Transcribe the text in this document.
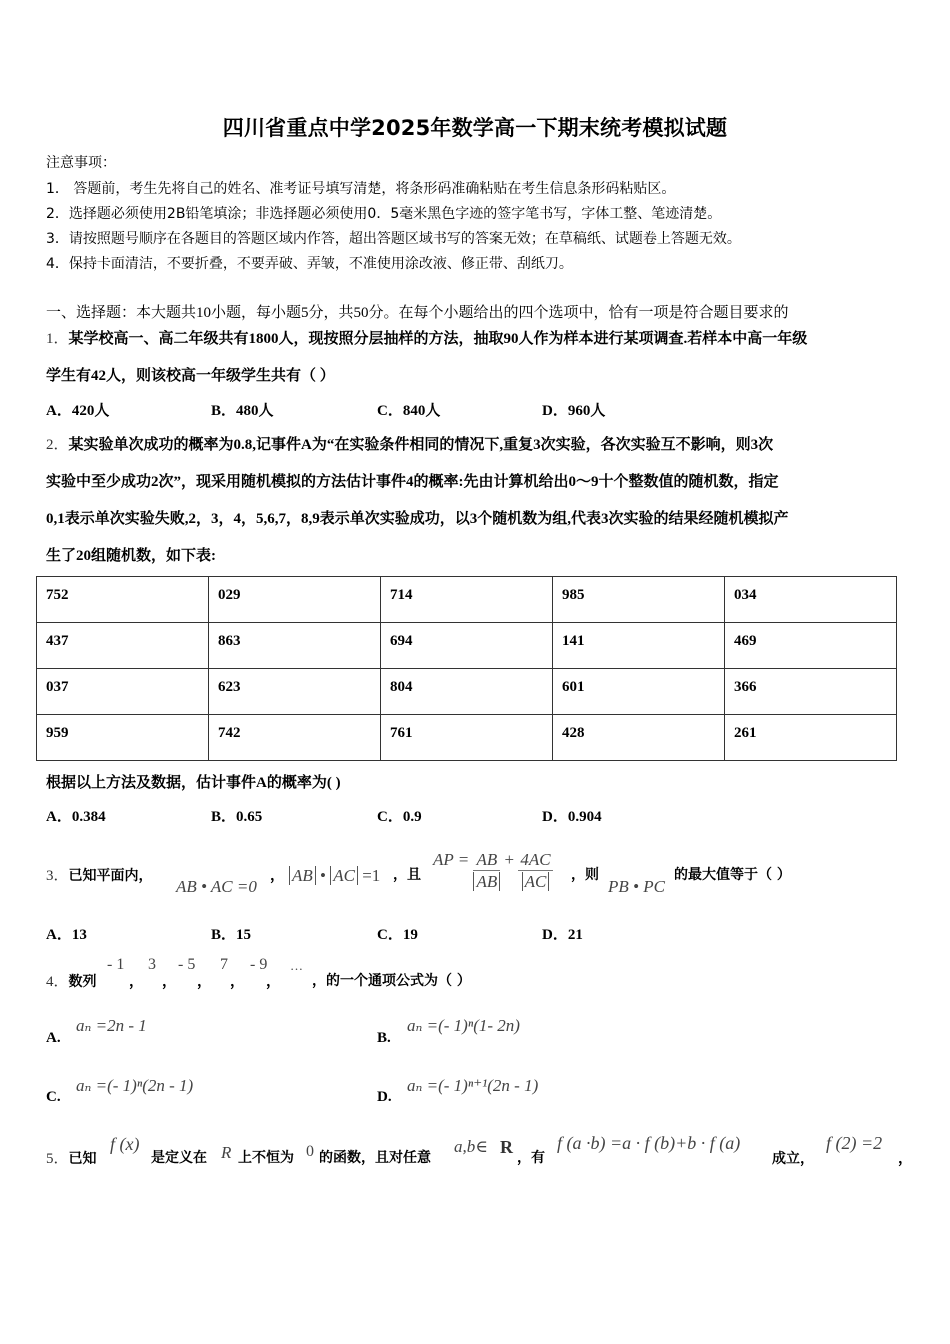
四川省重点中学2025年数学高一下期末统考模拟试题
注意事项：
1． 答题前，考生先将自己的姓名、准考证号填写清楚，将条形码准确粘贴在考生信息条形码粘贴区。
2．选择题必须使用2B铅笔填涂；非选择题必须使用0．5毫米黑色字迹的签字笔书写，字体工整、笔迹清楚。
3．请按照题号顺序在各题目的答题区域内作答，超出答题区域书写的答案无效；在草稿纸、试题卷上答题无效。
4．保持卡面清洁，不要折叠，不要弄破、弄皱，不准使用涂改液、修正带、刮纸刀。
一、选择题：本大题共10小题，每小题5分，共50分。在每个小题给出的四个选项中，恰有一项是符合题目要求的
1．某学校高一、高二年级共有1800人，现按照分层抽样的方法，抽取90人作为样本进行某项调查.若样本中高一年级
学生有42人，则该校高一年级学生共有（ ）
A．420人	B．480人	C．840人	D．960人
2．某实验单次成功的概率为0.8,记事件A为“在实验条件相同的情况下,重复3次实验，各次实验互不影响，则3次
实验中至少成功2次”，现采用随机模拟的方法估计事件4的概率:先由计算机给出0～9十个整数值的随机数，指定
0,1表示单次实验失败,2，3，4，5,6,7，8,9表示单次实验成功，以3个随机数为组,代表3次实验的结果经随机模拟产
生了20组随机数，如下表:
752	029	714	985	034
437	863	694	141	469
037	623	804	601	366
959	742	761	428	261
根据以上方法及数据，估计事件A的概率为( )
A．0.384	B．0.65	C．0.9	D．0.904
3．已知平面内，
AB • AC =0
， AB • AC =1 ，且
AP = $\frac{AB}{AB} + \frac{4AC}{AC}$ ，则
PB • PC
的最大值等于（ ）
A．13	B．15	C．19	D．21
4．数列
- 1
，
3
，
- 5
，
7
，
- 9
，
…
，的一个通项公式为（ ）
A.
aₙ =2n - 1
B.
aₙ =(- 1)ⁿ(1- 2n)
C.
aₙ =(- 1)ⁿ(2n - 1)
D.
aₙ =(- 1)ⁿ⁺¹(2n - 1)
5．已知
f (x)
是定义在 R 上不恒为 0 的函数，且对任意
a,b∈ R
，有
f (a ·b) =a · f (b)+b · f (a)
成立，
f (2) =2
，
